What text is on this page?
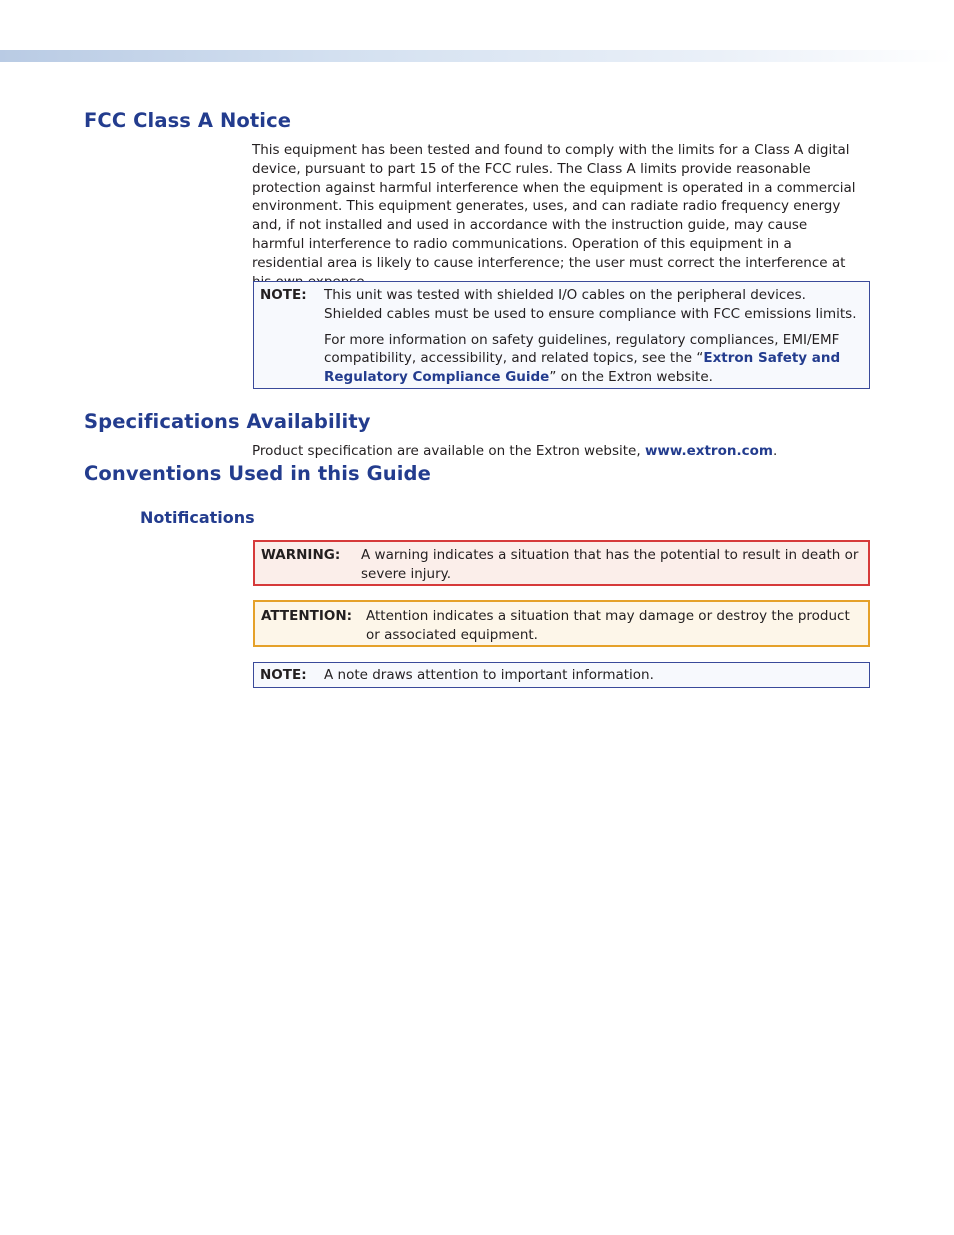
FCC Class A Notice

This equipment has been tested and found to comply with the limits for a Class A digital device, pursuant to part 15 of the FCC rules. The Class A limits provide reasonable protection against harmful interference when the equipment is operated in a commercial environment. This equipment generates, uses, and can radiate radio frequency energy and, if not installed and used in accordance with the instruction guide, may cause harmful interference to radio communications. Operation of this equipment in a residential area is likely to cause interference; the user must correct the interference at

NOTE: This unit was tested with shielded I/O cables on the peripheral devices. Shielded cables must be used to ensure compliance with FCC emissions limits.

For more information on safety guidelines, regulatory compliances, EMI/EMF compatibility, accessibility, and related topics, see the “Extron Safety and Regulatory Compliance Guide” on the Extron website.

Specifications Availability

Product specification are available on the Extron website, www.extron.com.

Conventions Used in this Guide
Notifications
WARNING: A warning indicates a situation that has the potential to result in death or severe injury.

ATTENTION: Attention indicates a situation that may damage or destroy the product or associated equipment.

NOTE: A note draws attention to important information.
